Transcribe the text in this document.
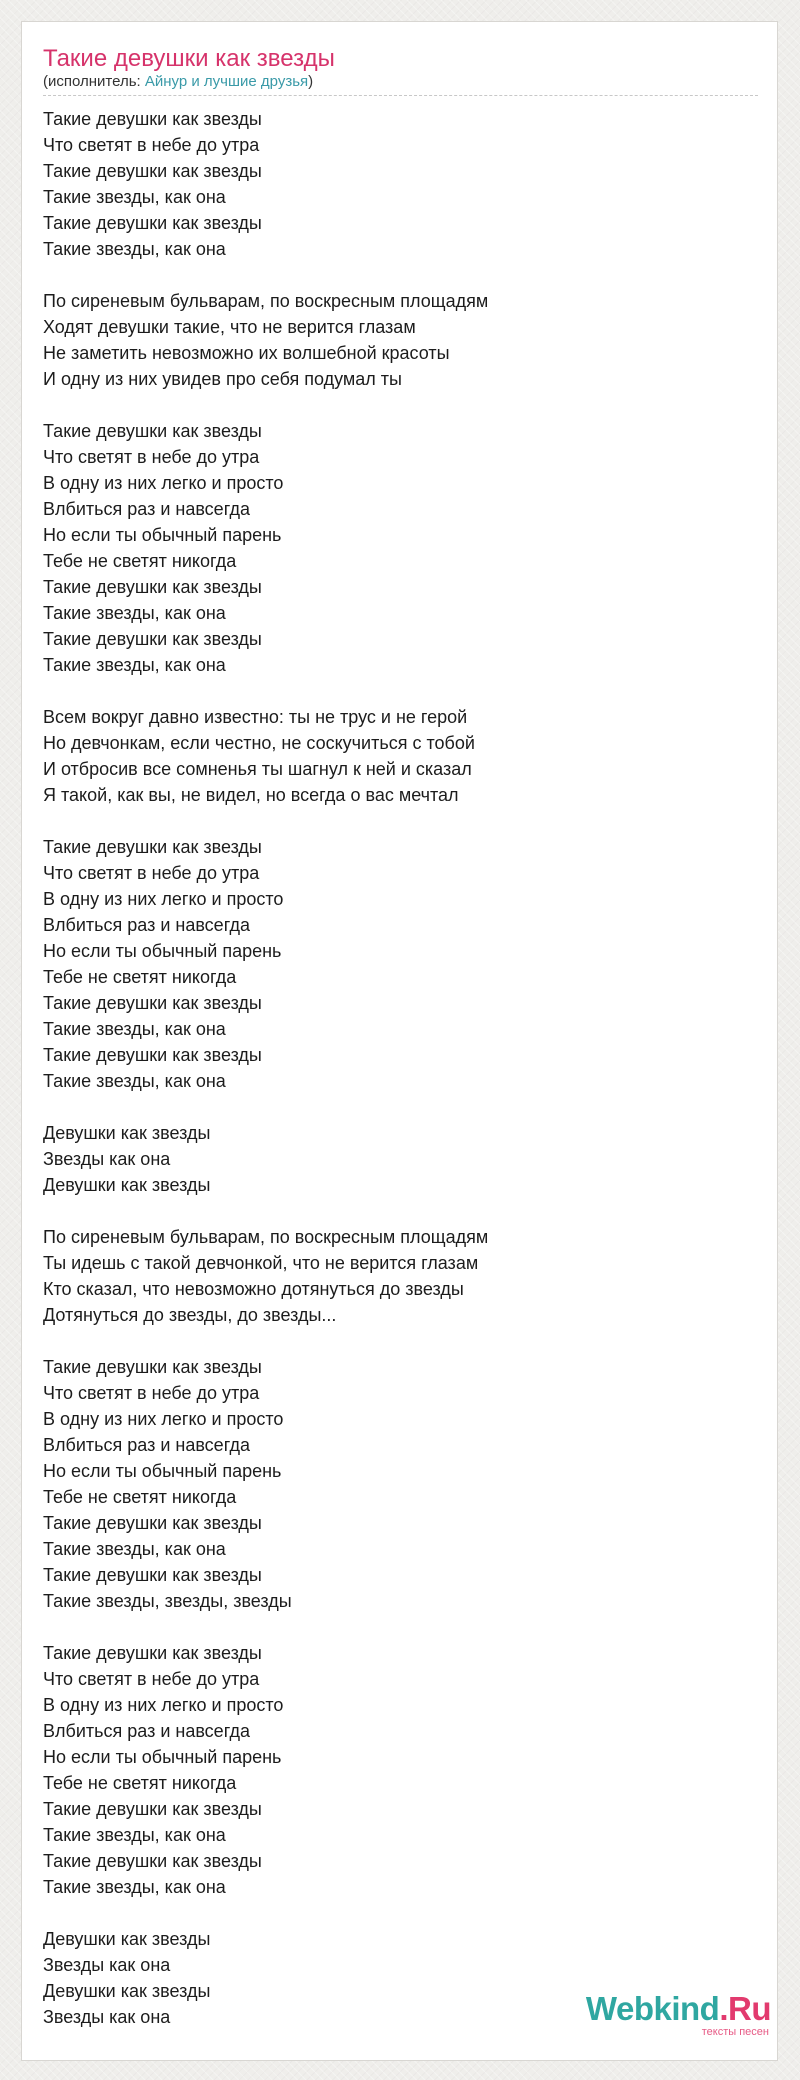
Такие девушки как звезды
(исполнитель: Айнур и лучшие друзья)
Такие девушки как звезды
Что светят в небе до утра
Такие девушки как звезды
Такие звезды, как она
Такие девушки как звезды
Такие звезды, как она
По сиреневым бульварам, по воскресным площадям
Ходят девушки такие, что не верится глазам
Не заметить невозможно их волшебной красоты
И одну из них увидев про себя подумал ты
Такие девушки как звезды
Что светят в небе до утра
В одну из них легко и просто
Влбиться раз и навсегда
Но если ты обычный парень
Тебе не светят никогда
Такие девушки как звезды
Такие звезды, как она
Такие девушки как звезды
Такие звезды, как она
Всем вокруг давно известно: ты не трус и не герой
Но девчонкам, если честно, не соскучиться с тобой
И отбросив все сомненья ты шагнул к ней и сказал
Я такой, как вы, не видел, но всегда о вас мечтал
Такие девушки как звезды
Что светят в небе до утра
В одну из них легко и просто
Влбиться раз и навсегда
Но если ты обычный парень
Тебе не светят никогда
Такие девушки как звезды
Такие звезды, как она
Такие девушки как звезды
Такие звезды, как она
Девушки как звезды
Звезды как она
Девушки как звезды
По сиреневым бульварам, по воскресным площадям
Ты идешь с такой девчонкой, что не верится глазам
Кто сказал, что невозможно дотянуться до звезды
Дотянуться до звезды, до звезды...
Такие девушки как звезды
Что светят в небе до утра
В одну из них легко и просто
Влбиться раз и навсегда
Но если ты обычный парень
Тебе не светят никогда
Такие девушки как звезды
Такие звезды, как она
Такие девушки как звезды
Такие звезды, звезды, звезды
Такие девушки как звезды
Что светят в небе до утра
В одну из них легко и просто
Влбиться раз и навсегда
Но если ты обычный парень
Тебе не светят никогда
Такие девушки как звезды
Такие звезды, как она
Такие девушки как звезды
Такие звезды, как она
Девушки как звезды
Звезды как она
Девушки как звезды
Звезды как она	Webkind.Ru
тексты песен
